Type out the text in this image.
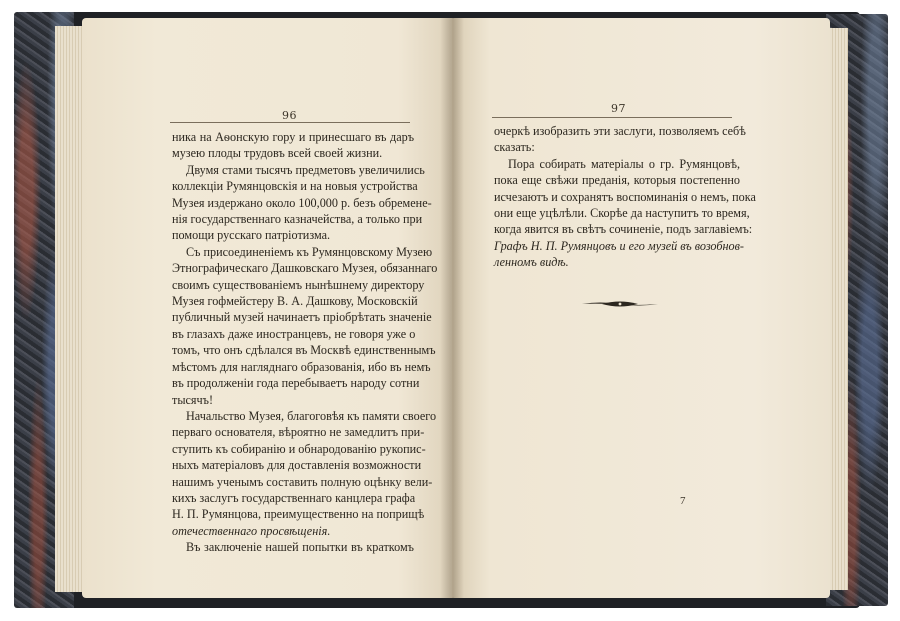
96
ника на Аѳонскую гору и принесшаго въ даръ
музею плоды трудовъ всей своей жизни.
Двумя стами тысячъ предметовъ увеличились
коллекціи Румянцовскія и на новыя устройства
Музея издержано около 100,000 р. безъ обремене-
нія государственнаго казначейства, а только при
помощи русскаго патріотизма.
Съ присоединеніемъ къ Румянцовскому Музею
Этнографическаго Дашковскаго Музея, обязаннаго
своимъ существованіемъ нынѣшнему директору
Музея гофмейстеру В. А. Дашкову, Московскій
публичный музей начинаетъ пріобрѣтать значеніе
въ глазахъ даже иностранцевъ, не говоря уже о
томъ, что онъ сдѣлался въ Москвѣ единственнымъ
мѣстомъ для нагляднаго образованія, ибо въ немъ
въ продолженіи года перебываетъ народу сотни
тысячъ!
Начальство Музея, благоговѣя къ памяти своего
перваго основателя, вѣроятно не замедлитъ при-
ступить къ собиранію и обнародованію рукопис-
ныхъ матеріаловъ для доставленія возможности
нашимъ ученымъ составить полную оцѣнку вели-
кихъ заслугъ государственнаго канцлера графа
Н. П. Румянцова, преимущественно на поприщѣ
отечественнаго просвѣщенія.
Въ заключеніе нашей попытки въ краткомъ
97
очеркѣ изобразить эти заслуги, позволяемъ себѣ
сказать:
Пора собирать матеріалы о гр. Румянцовѣ,
пока еще свѣжи преданія, которыя постепенно
исчезаютъ и сохранятъ воспоминанія о немъ, пока
они еще уцѣлѣли. Скорѣе да наступитъ то время,
когда явится въ свѣтъ сочиненіе, подъ заглавіемъ:
Графъ Н. П. Румянцовъ и его музей въ возобнов-
ленномъ видѣ.
7
